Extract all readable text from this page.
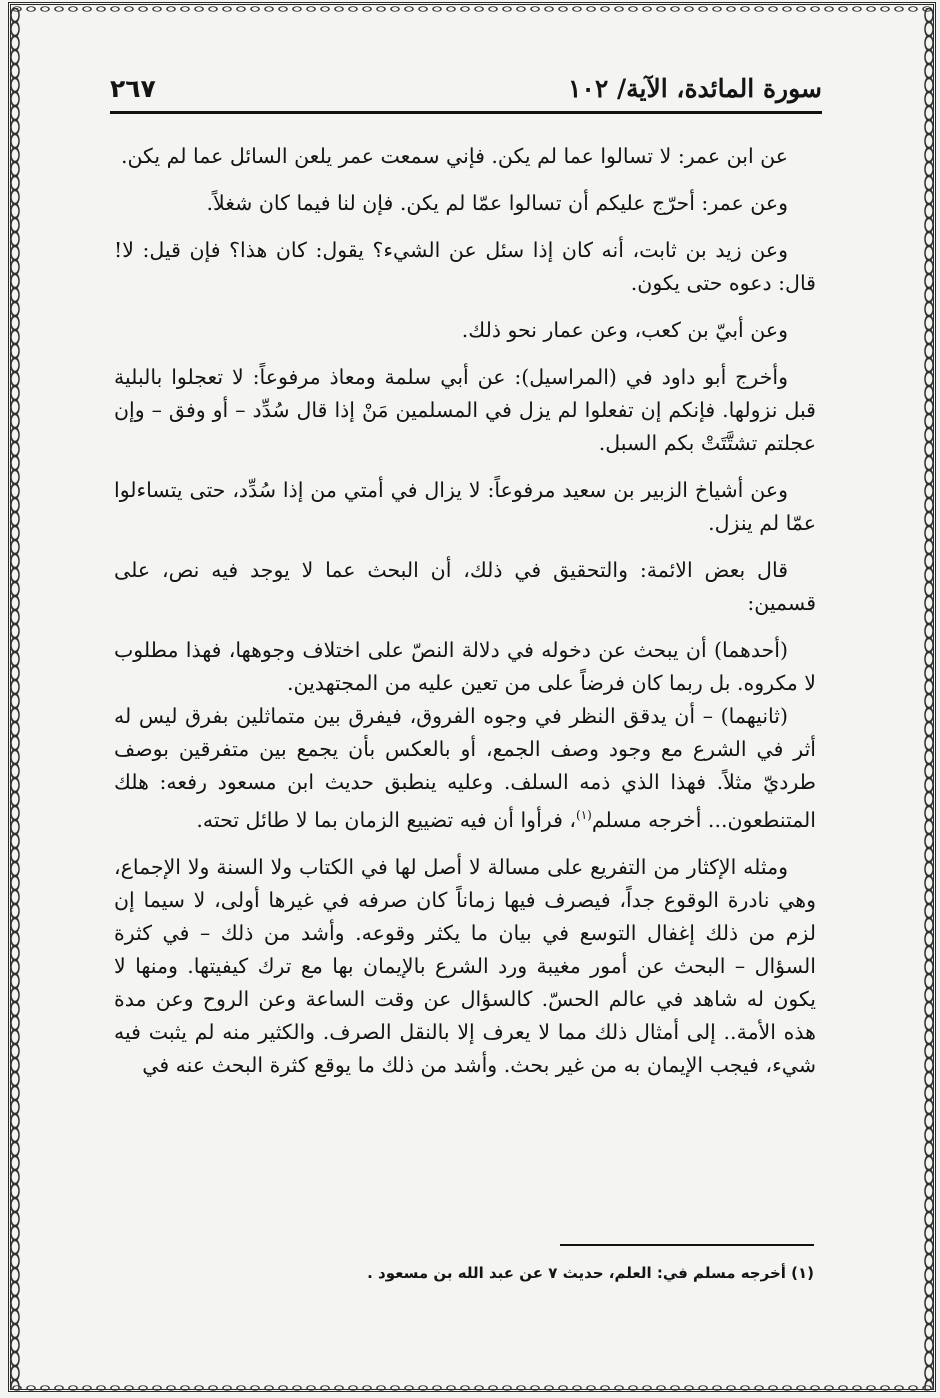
٢٦٧	سورة المائدة، الآية/ ١٠٢

عن ابن عمر: لا تسالوا عما لم يكن. فإني سمعت عمر يلعن السائل عما لم يكن.

وعن عمر: أحرّج عليكم أن تسالوا عمّا لم يكن. فإن لنا فيما كان شغلاً.

وعن زيد بن ثابت، أنه كان إذا سئل عن الشيء؟ يقول: كان هذا؟ فإن قيل: لا! قال: دعوه حتى يكون.

وعن أبيّ بن كعب، وعن عمار نحو ذلك.

وأخرج أبو داود في (المراسيل): عن أبي سلمة ومعاذ مرفوعاً: لا تعجلوا بالبلية قبل نزولها. فإنكم إن تفعلوا لم يزل في المسلمين مَنْ إذا قال سُدِّد – أو وفق – وإن عجلتم تشتَّتَتْ بكم السبل.

وعن أشياخ الزبير بن سعيد مرفوعاً: لا يزال في أمتي من إذا سُدِّد، حتى يتساءلوا عمّا لم ينزل.

قال بعض الائمة: والتحقيق في ذلك، أن البحث عما لا يوجد فيه نص، على قسمين:

(أحدهما) أن يبحث عن دخوله في دلالة النصّ على اختلاف وجوهها، فهذا مطلوب لا مكروه. بل ربما كان فرضاً على من تعين عليه من المجتهدين.

(ثانيهما) – أن يدقق النظر في وجوه الفروق، فيفرق بين متماثلين بفرق ليس له أثر في الشرع مع وجود وصف الجمع، أو بالعكس بأن يجمع بين متفرقين بوصف طرديّ مثلاً. فهذا الذي ذمه السلف. وعليه ينطبق حديث ابن مسعود رفعه: هلك المتنطعون... أخرجه مسلم$^{(١)}$، فرأوا أن فيه تضييع الزمان بما لا طائل تحته.

ومثله الإكثار من التفريع على مسالة لا أصل لها في الكتاب ولا السنة ولا الإجماع، وهي نادرة الوقوع جداً، فيصرف فيها زماناً كان صرفه في غيرها أولى، لا سيما إن لزم من ذلك إغفال التوسع في بيان ما يكثر وقوعه. وأشد من ذلك – في كثرة السؤال – البحث عن أمور مغيبة ورد الشرع بالإيمان بها مع ترك كيفيتها. ومنها لا يكون له شاهد في عالم الحسّ. كالسؤال عن وقت الساعة وعن الروح وعن مدة هذه الأمة.. إلى أمثال ذلك مما لا يعرف إلا بالنقل الصرف. والكثير منه لم يثبت فيه شيء، فيجب الإيمان به من غير بحث. وأشد من ذلك ما يوقع كثرة البحث عنه في

(١) أخرجه مسلم في: العلم، حديث ٧ عن عبد الله بن مسعود .
